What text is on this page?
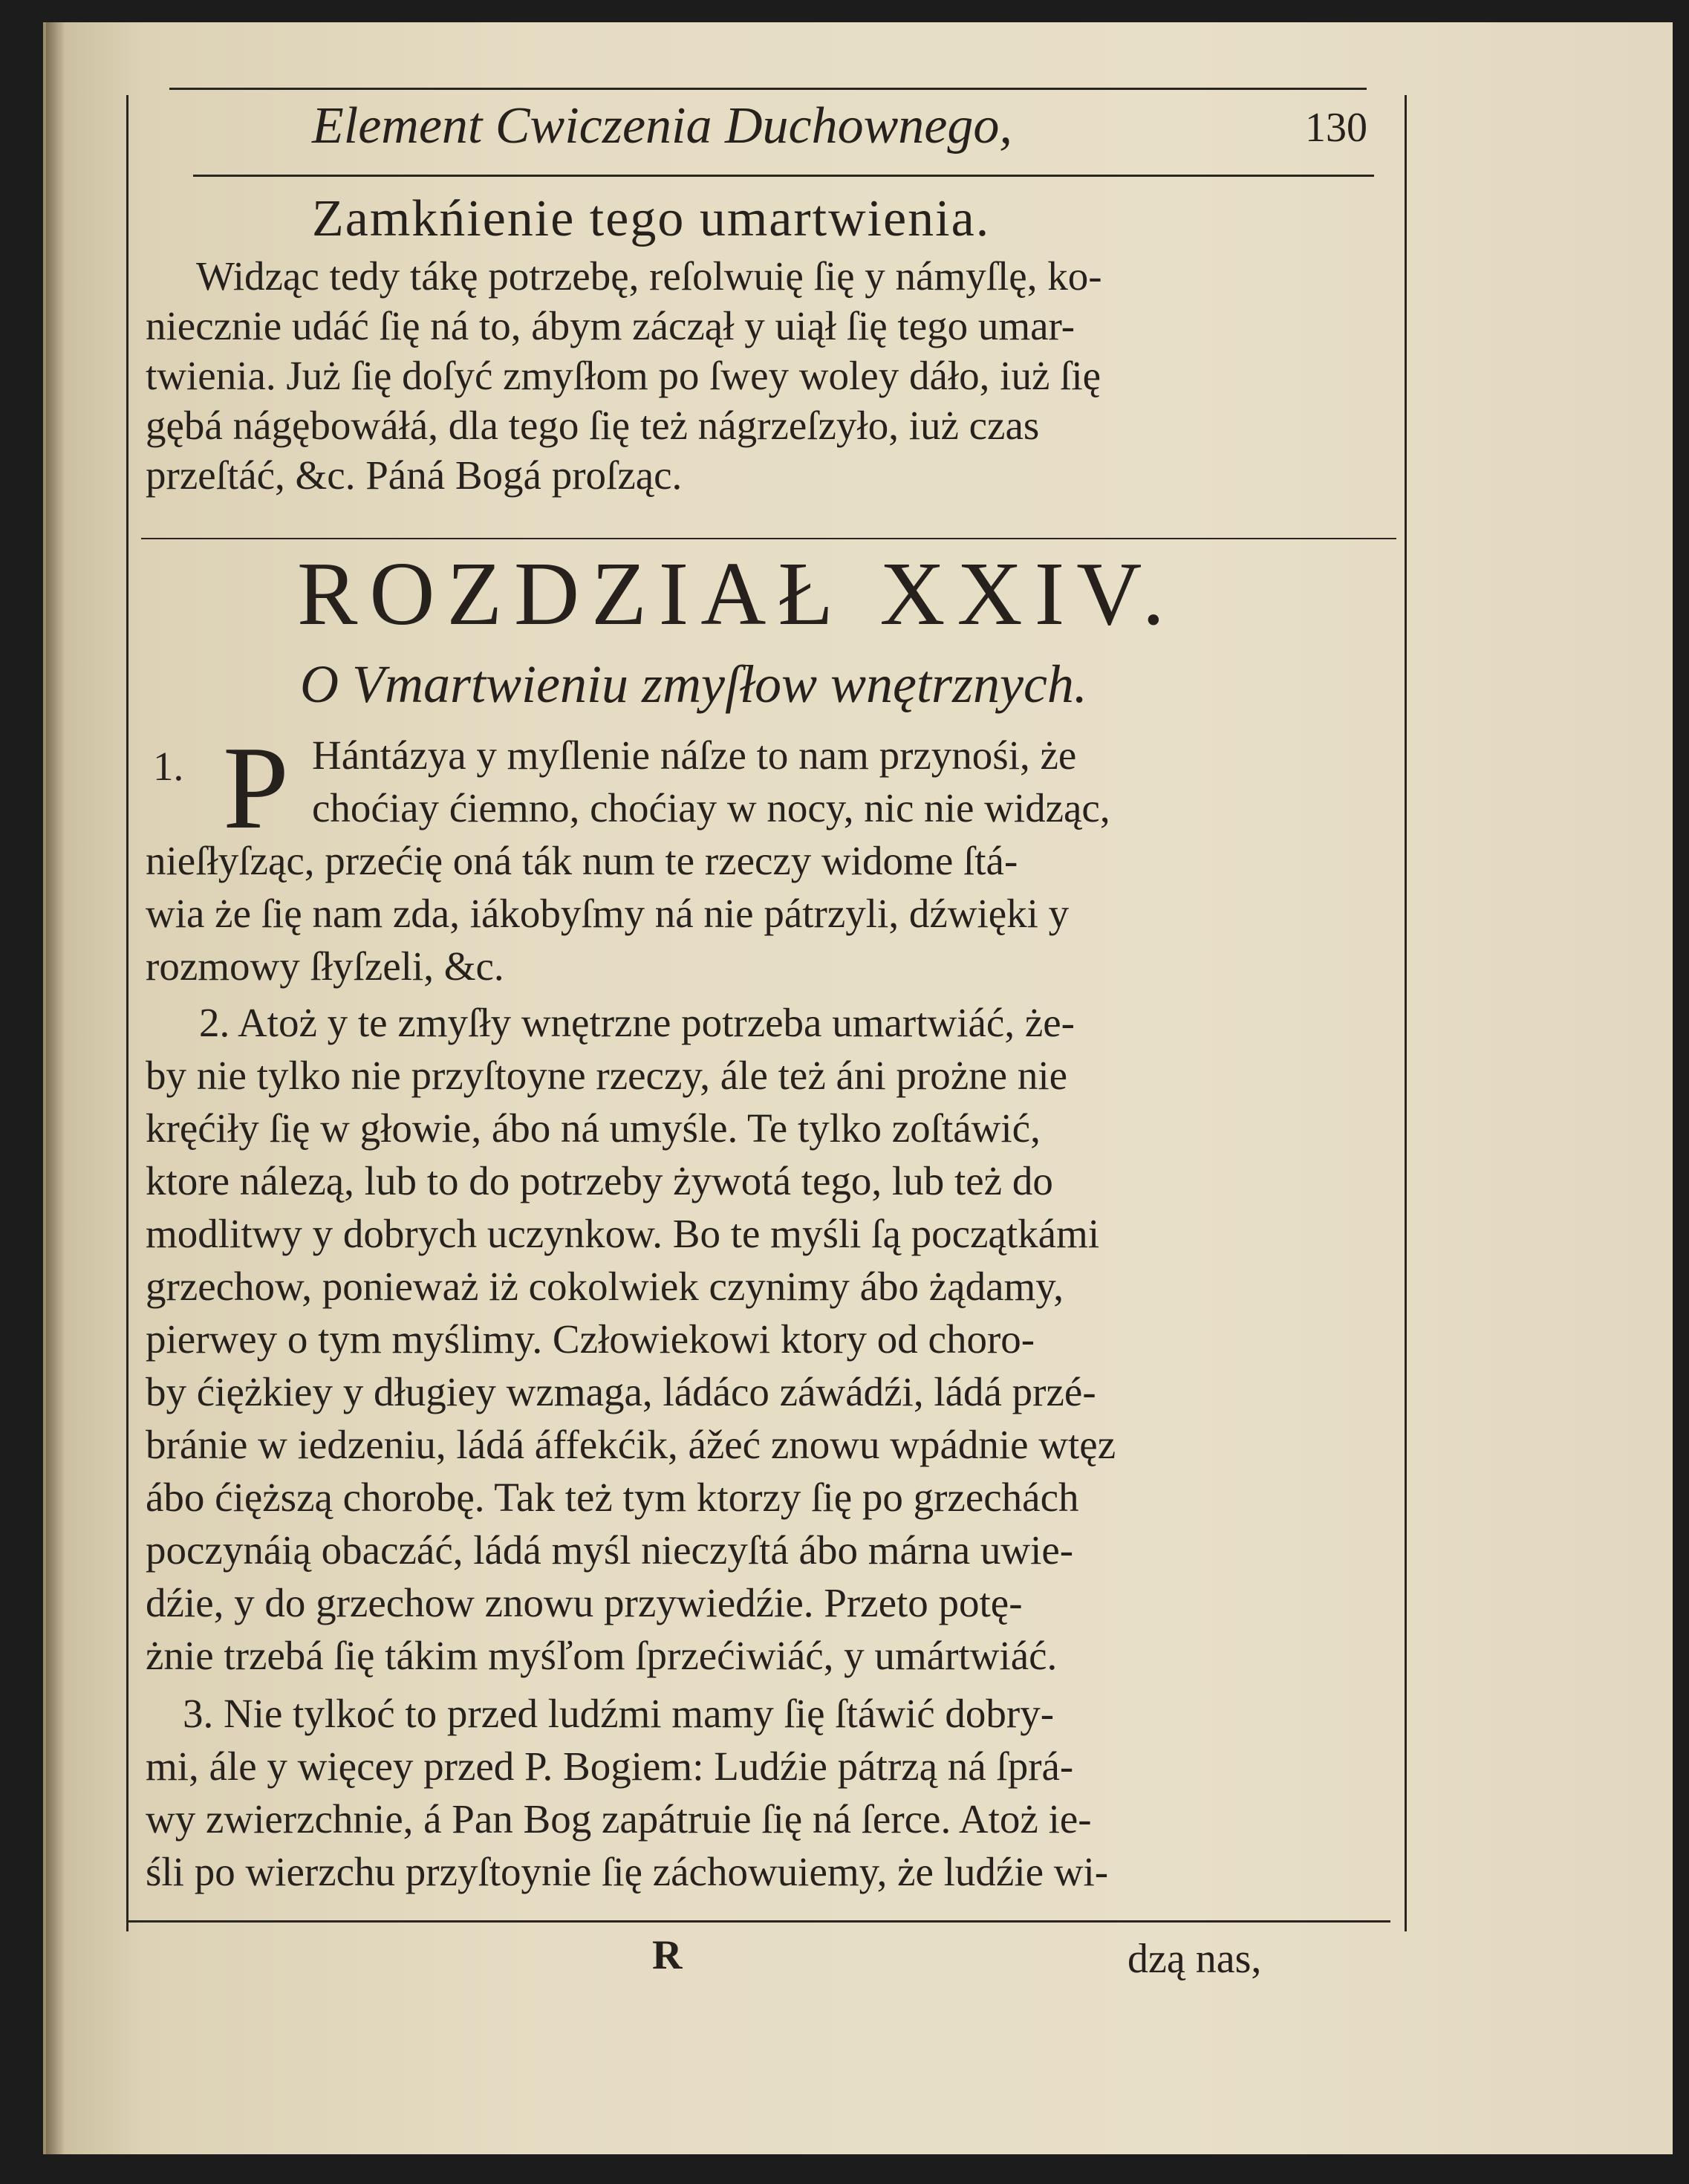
Element Cwiczenia Duchownego,	130
Zamkńienie tego umartwienia.
Widząc tedy tákę potrzebę, reſolwuię ſię y námyſlę, ko-
niecznie udáć ſię ná to, ábym záczął y uiął ſię tego umar-
twienia. Już ſię doſyć zmyſłom po ſwey woley dáło, iuż ſię
gębá nágębowáłá, dla tego ſię też nágrzeſzyło, iuż czas
przeſtáć, &c. Páná Bogá proſząc.
ROZDZIAŁ XXIV.
O Vmartwieniu zmyſłow wnętrznych.
1. P Hántázya y myſlenie náſze to nam przynośi, że
choćiay ćiemno, choćiay w nocy, nic nie widząc,
nieſłyſząc, przećię oná ták num te rzeczy widome ſtá-
wia że ſię nam zda, iákobyſmy ná nie pátrzyli, dźwięki y
rozmowy ſłyſzeli, &c.
2. Atoż y te zmyſły wnętrzne potrzeba umartwiáć, że-
by nie tylko nie przyſtoyne rzeczy, ále też áni prożne nie
kręćiły ſię w głowie, ábo ná umyśle. Te tylko zoſtáwić,
ktore nálezą, lub to do potrzeby żywotá tego, lub też do
modlitwy y dobrych uczynkow. Bo te myśli ſą początkámi
grzechow, ponieważ iż cokolwiek czynimy ábo żądamy,
pierwey o tym myślimy. Człowiekowi ktory od choro-
by ćiężkiey y długiey wzmaga, ládáco záwádźi, ládá przé-
bránie w iedzeniu, ládá áffekćik, ážeć znowu wpádnie wtęz
ábo ćięższą chorobę. Tak też tym ktorzy ſię po grzechách
poczynáią obaczáć, ládá myśl nieczyſtá ábo márna uwie-
dźie, y do grzechow znowu przywiedźie. Przeto potę-
żnie trzebá ſię tákim myśľom ſprzećiwiáć, y umártwiáć.
3. Nie tylkoć to przed ludźmi mamy ſię ſtáwić dobry-
mi, ále y więcey przed P. Bogiem: Ludźie pátrzą ná ſprá-
wy zwierzchnie, á Pan Bog zapátruie ſię ná ſerce. Atoż ie-
śli po wierzchu przyſtoynie ſię záchowuiemy, że ludźie wi-
R	dzą nas,
